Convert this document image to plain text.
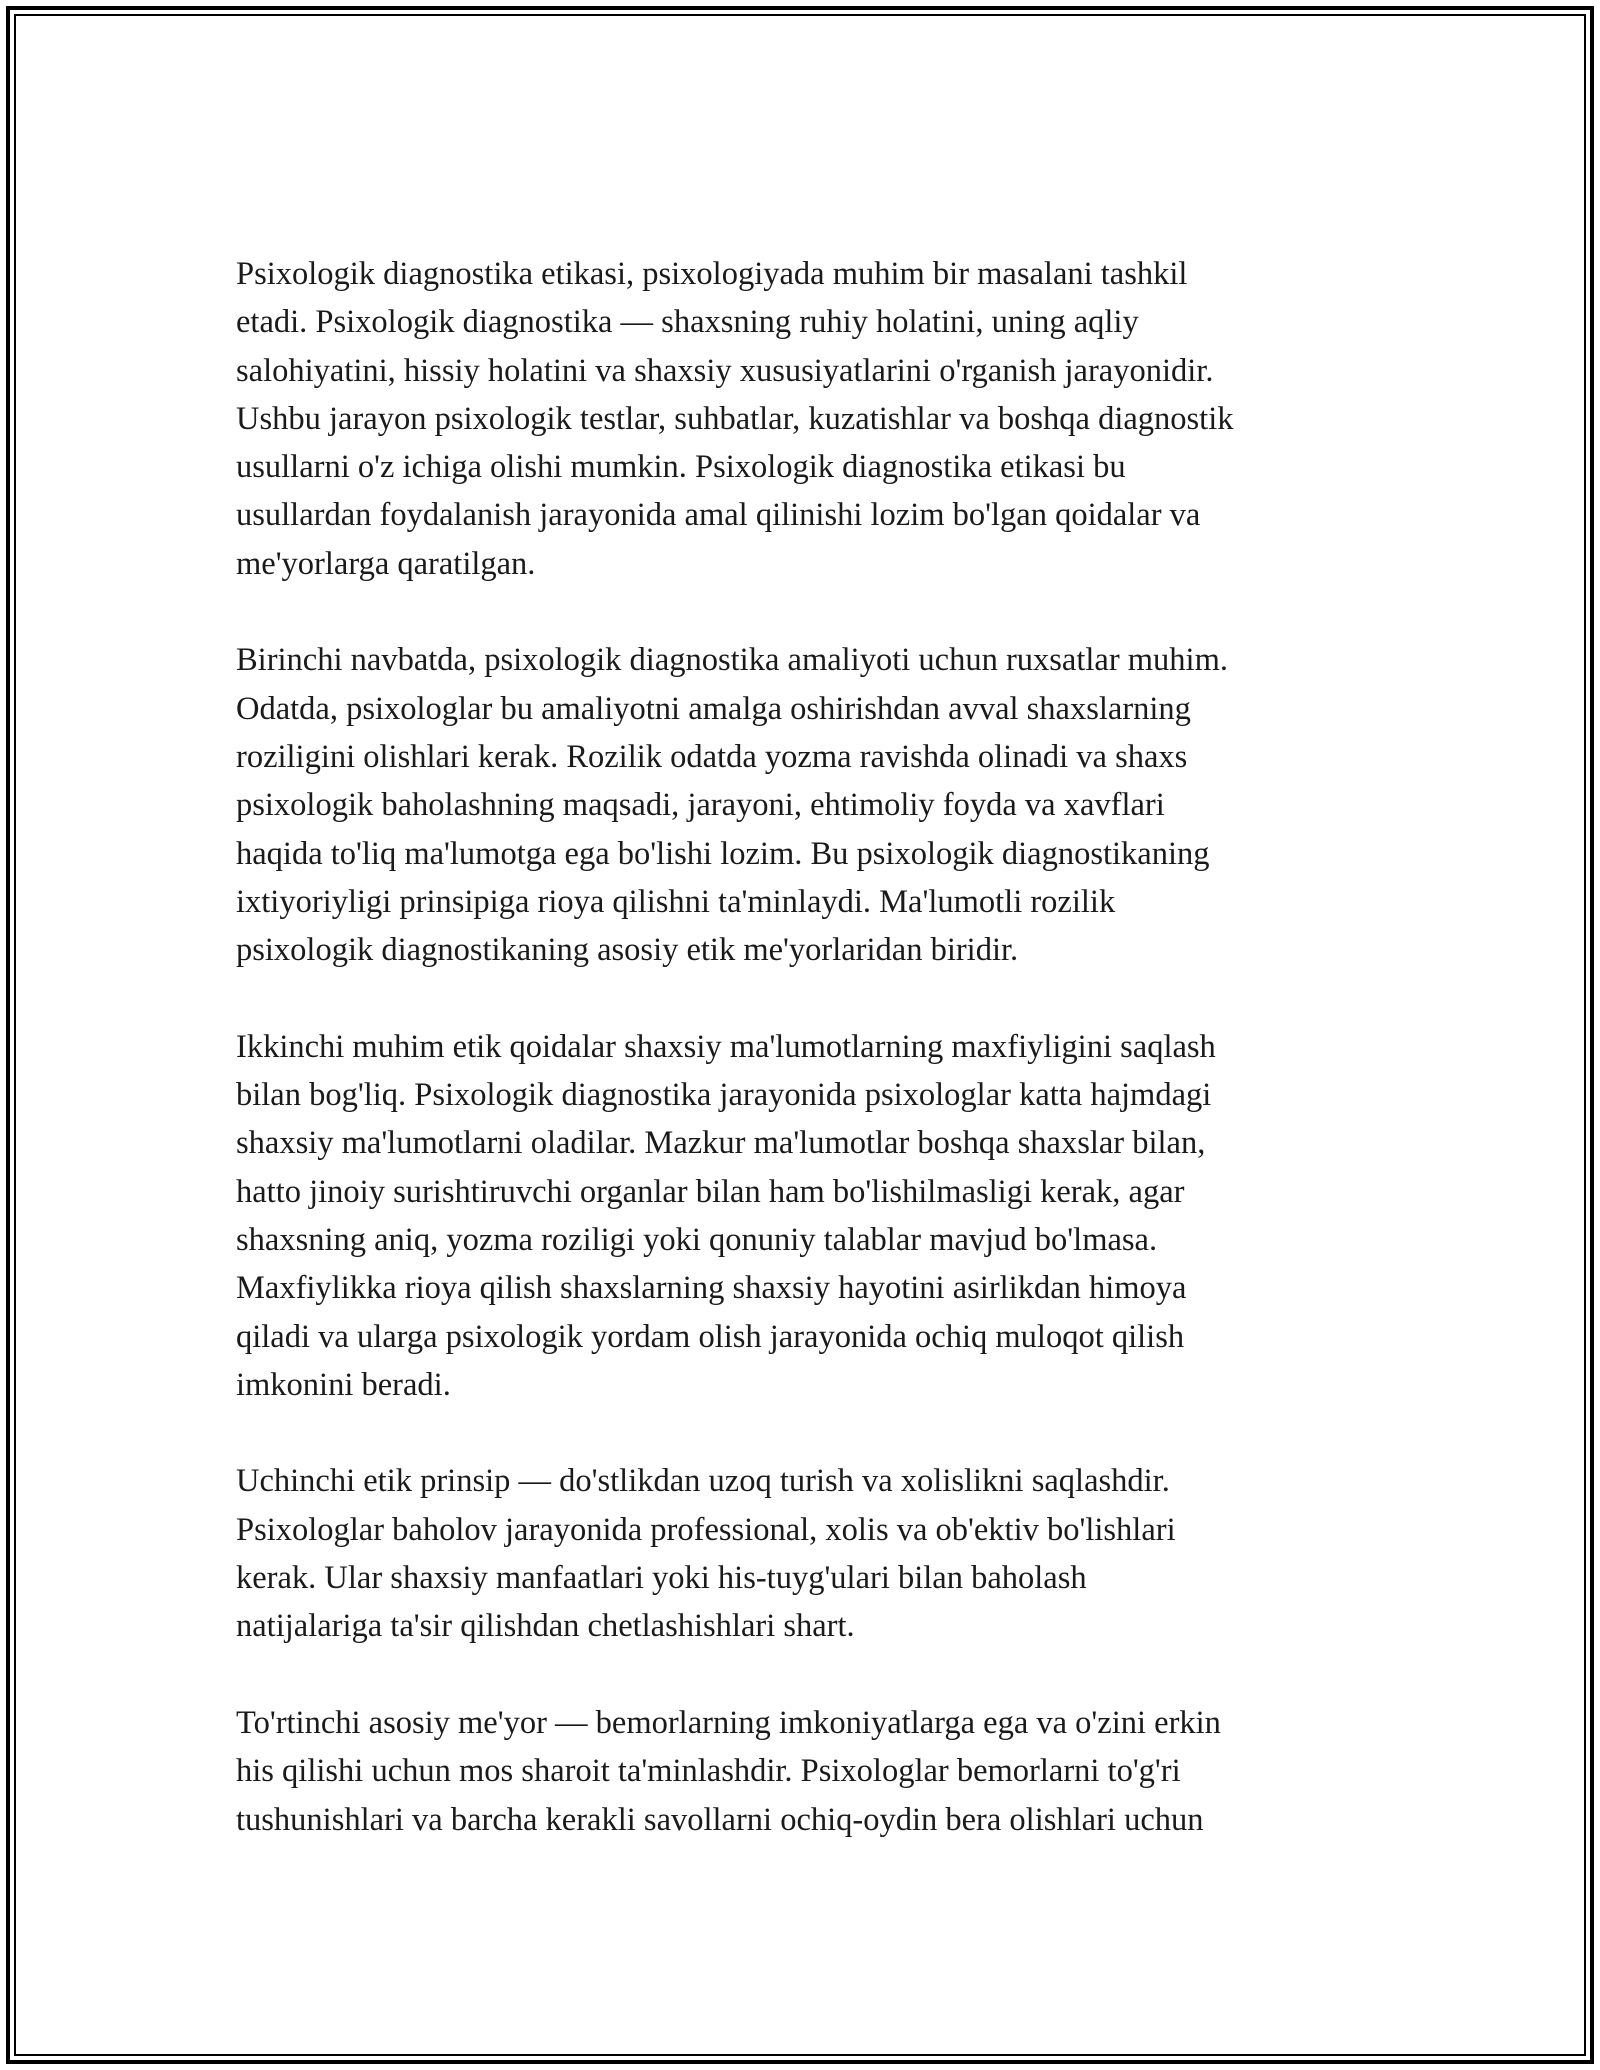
Psixologik diagnostika etikasi, psixologiyada muhim bir masalani tashkil
etadi. Psixologik diagnostika — shaxsning ruhiy holatini, uning aqliy
salohiyatini, hissiy holatini va shaxsiy xususiyatlarini o'rganish jarayonidir.
Ushbu jarayon psixologik testlar, suhbatlar, kuzatishlar va boshqa diagnostik
usullarni o'z ichiga olishi mumkin. Psixologik diagnostika etikasi bu
usullardan foydalanish jarayonida amal qilinishi lozim bo'lgan qoidalar va
me'yorlarga qaratilgan.

Birinchi navbatda, psixologik diagnostika amaliyoti uchun ruxsatlar muhim.
Odatda, psixologlar bu amaliyotni amalga oshirishdan avval shaxslarning
roziligini olishlari kerak. Rozilik odatda yozma ravishda olinadi va shaxs
psixologik baholashning maqsadi, jarayoni, ehtimoliy foyda va xavflari
haqida to'liq ma'lumotga ega bo'lishi lozim. Bu psixologik diagnostikaning
ixtiyoriyligi prinsipiga rioya qilishni ta'minlaydi. Ma'lumotli rozilik
psixologik diagnostikaning asosiy etik me'yorlaridan biridir.

Ikkinchi muhim etik qoidalar shaxsiy ma'lumotlarning maxfiyligini saqlash
bilan bog'liq. Psixologik diagnostika jarayonida psixologlar katta hajmdagi
shaxsiy ma'lumotlarni oladilar. Mazkur ma'lumotlar boshqa shaxslar bilan,
hatto jinoiy surishtiruvchi organlar bilan ham bo'lishilmasligi kerak, agar
shaxsning aniq, yozma roziligi yoki qonuniy talablar mavjud bo'lmasa.
Maxfiylikka rioya qilish shaxslarning shaxsiy hayotini asirlikdan himoya
qiladi va ularga psixologik yordam olish jarayonida ochiq muloqot qilish
imkonini beradi.

Uchinchi etik prinsip — do'stlikdan uzoq turish va xolislikni saqlashdir.
Psixologlar baholov jarayonida professional, xolis va ob'ektiv bo'lishlari
kerak. Ular shaxsiy manfaatlari yoki his-tuyg'ulari bilan baholash
natijalariga ta'sir qilishdan chetlashishlari shart.

To'rtinchi asosiy me'yor — bemorlarning imkoniyatlarga ega va o'zini erkin
his qilishi uchun mos sharoit ta'minlashdir. Psixologlar bemorlarni to'g'ri
tushunishlari va barcha kerakli savollarni ochiq-oydin bera olishlari uchun
